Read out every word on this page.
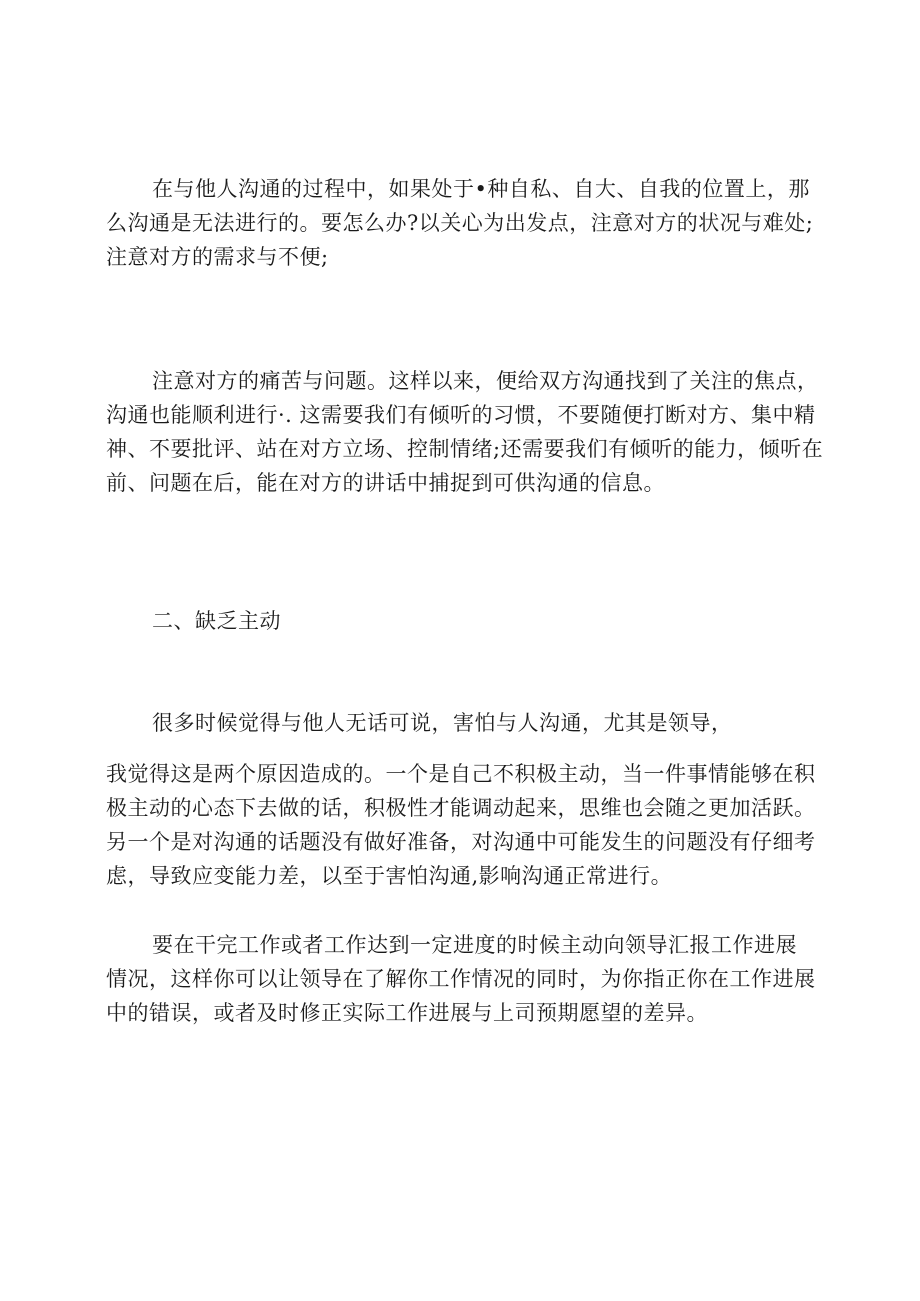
在与他人沟通的过程中，如果处于•种自私、自大、自我的位置上，那
么沟通是无法进行的。要怎么办?以关心为出发点，注意对方的状况与难处;
注意对方的需求与不便;

注意对方的痛苦与问题。这样以来，便给双方沟通找到了关注的焦点，
沟通也能顺利进行·. 这需要我们有倾听的习惯，不要随便打断对方、集中精
神、不要批评、站在对方立场、控制情绪;还需要我们有倾听的能力，倾听在
前、问题在后，能在对方的讲话中捕捉到可供沟通的信息。

二、缺乏主动

很多时候觉得与他人无话可说，害怕与人沟通，尤其是领导，

我觉得这是两个原因造成的。一个是自己不积极主动，当一件事情能够在积
极主动的心态下去做的话，积极性才能调动起来，思维也会随之更加活跃。
另一个是对沟通的话题没有做好准备，对沟通中可能发生的问题没有仔细考
虑，导致应变能力差，以至于害怕沟通,影响沟通正常进行。

要在干完工作或者工作达到一定进度的时候主动向领导汇报工作进展
情况，这样你可以让领导在了解你工作情况的同时，为你指正你在工作进展
中的错误，或者及时修正实际工作进展与上司预期愿望的差异。
